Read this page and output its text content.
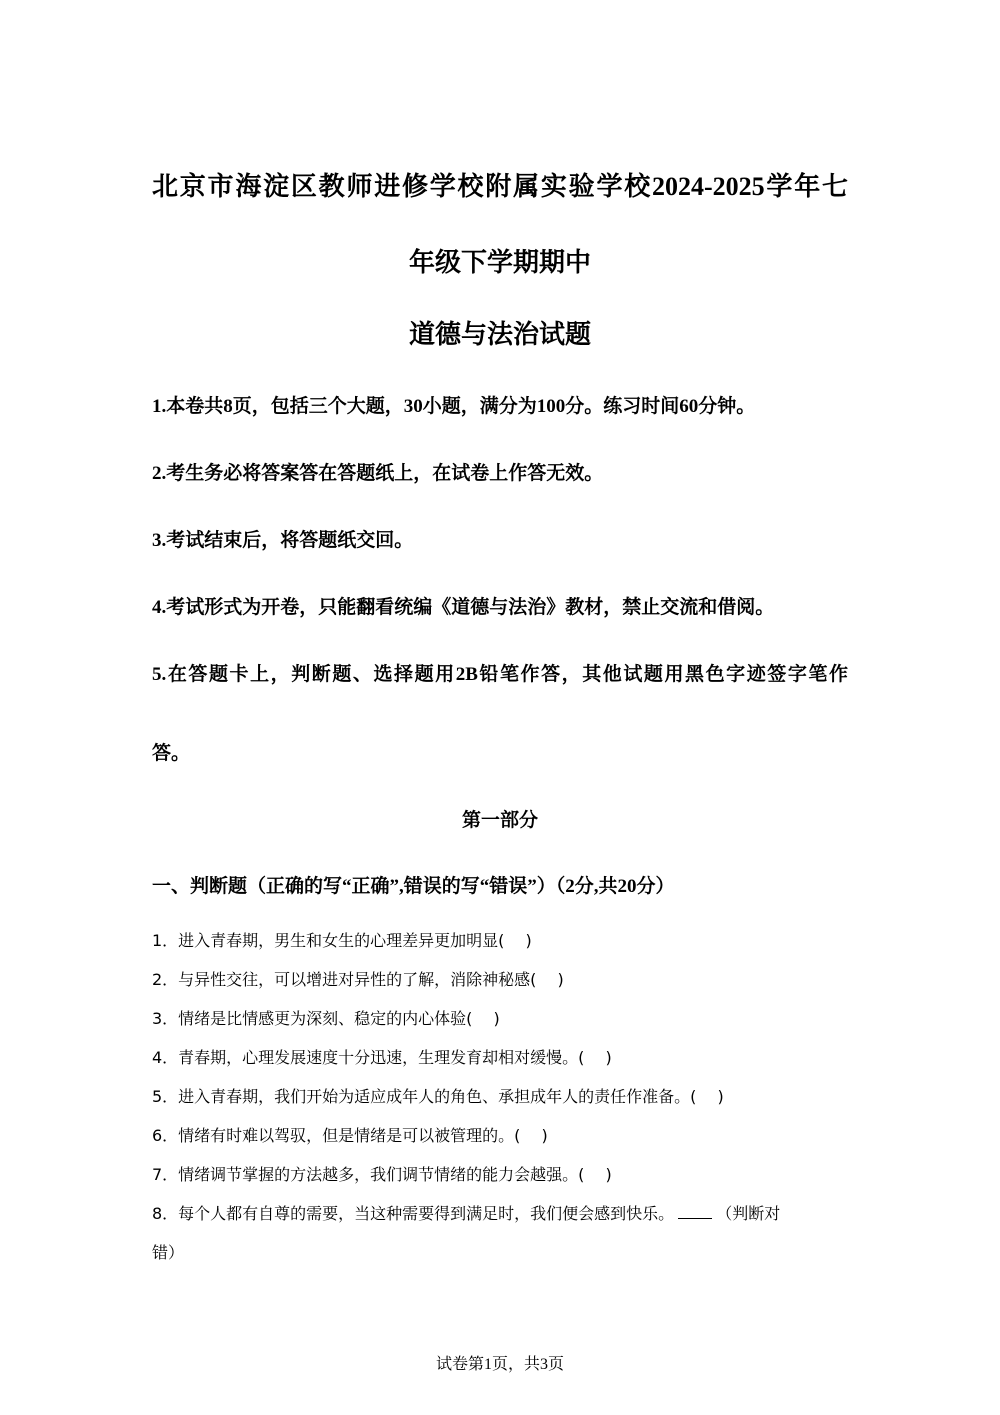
北京市海淀区教师进修学校附属实验学校2024-2025学年七
年级下学期期中
道德与法治试题
1.本卷共8页，包括三个大题，30小题，满分为100分。练习时间60分钟。
2.考生务必将答案答在答题纸上，在试卷上作答无效。
3.考试结束后，将答题纸交回。
4.考试形式为开卷，只能翻看统编《道德与法治》教材，禁止交流和借阅。
5.在答题卡上，判断题、选择题用2B铅笔作答，其他试题用黑色字迹签字笔作
答。
第一部分
一、判断题（正确的写“正确”,错误的写“错误”）（2分,共20分）
1．进入青春期，男生和女生的心理差异更加明显(　 )
2．与异性交往，可以增进对异性的了解，消除神秘感(　 )
3．情绪是比情感更为深刻、稳定的内心体验(　 )
4．青春期，心理发展速度十分迅速，生理发育却相对缓慢。(　 )
5．进入青春期，我们开始为适应成年人的角色、承担成年人的责任作准备。(　 )
6．情绪有时难以驾驭，但是情绪是可以被管理的。(　 )
7．情绪调节掌握的方法越多，我们调节情绪的能力会越强。(　 )
8．每个人都有自尊的需要，当这种需要得到满足时，我们便会感到快乐。	（判断对
错）
试卷第1页，共3页
